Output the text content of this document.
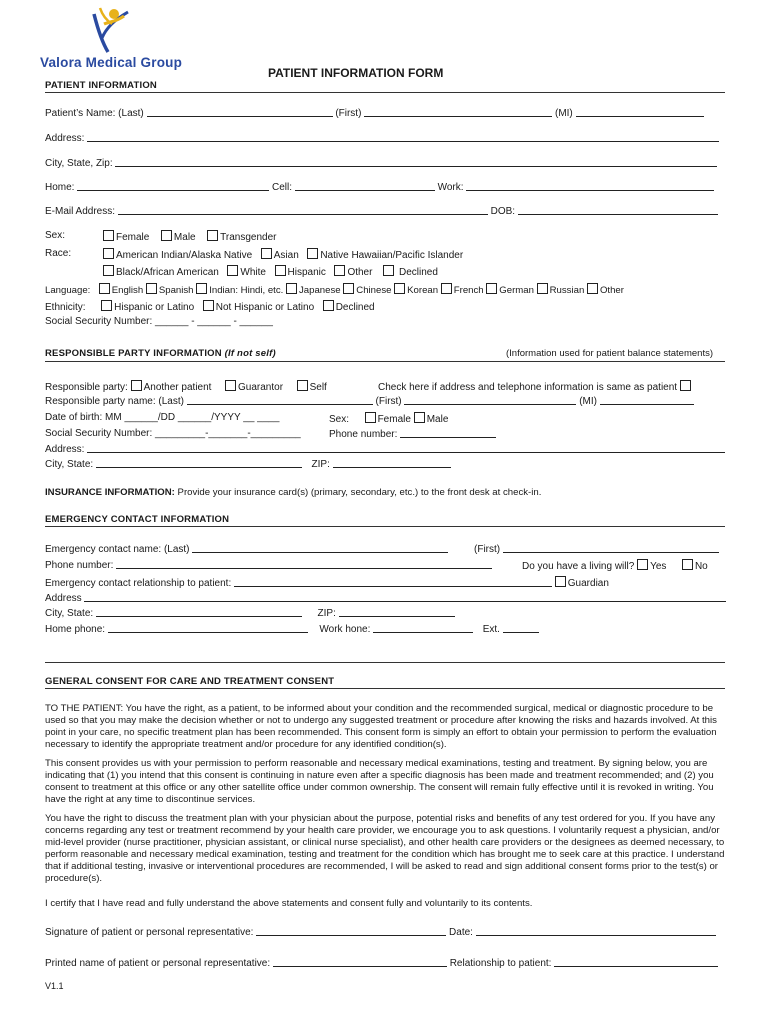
Valora Medical Group
PATIENT INFORMATION FORM
PATIENT INFORMATION
Patient’s Name: (Last)	(First)	(MI)
Address:
City, State, Zip:
Home:	Cell:	Work:
E-Mail Address:	DOB:
Sex:	Female Male Transgender
Race:	American Indian/Alaska Native Asian Native Hawaiian/Pacific Islander
Black/African American White Hispanic Other	Declined
Language: English Spanish Indian: Hindi, etc. Japanese Chinese Korean French German Russian Other
Ethnicity:	Hispanic or Latino Not Hispanic or Latino Declined
Social Security Number: ______ - ______ - ______
RESPONSIBLE PARTY INFORMATION (If not self)	(Information used for patient balance statements)
Responsible party: Another patient	Guarantor	Self	Check here if address and telephone information is same as patient
Responsible party name: (Last)	(First)	(MI)
Date of birth: MM ______/DD ______/YYYY __ ____	Sex:	Female Male
Social Security Number: _________-_______-_________	Phone number:
Address:
City, State:	ZIP:
INSURANCE INFORMATION: Provide your insurance card(s) (primary, secondary, etc.) to the front desk at check-in.
EMERGENCY CONTACT INFORMATION
Emergency contact name: (Last)	(First)
Phone number:	Do you have a living will? Yes	No
Emergency contact relationship to patient:	Guardian
Address
City, State:	ZIP:
Home phone:	Work hone:	Ext.
GENERAL CONSENT FOR CARE AND TREATMENT CONSENT
TO THE PATIENT: You have the right, as a patient, to be informed about your condition and the recommended surgical, medical or diagnostic procedure to be used so that you may make the decision whether or not to undergo any suggested treatment or procedure after knowing the risks and hazards involved. At this point in your care, no specific treatment plan has been recommended. This consent form is simply an effort to obtain your permission to perform the evaluation necessary to identify the appropriate treatment and/or procedure for any identified condition(s).
This consent provides us with your permission to perform reasonable and necessary medical examinations, testing and treatment. By signing below, you are indicating that (1) you intend that this consent is continuing in nature even after a specific diagnosis has been made and treatment recommended; and (2) you consent to treatment at this office or any other satellite office under common ownership. The consent will remain fully effective until it is revoked in writing. You have the right at any time to discontinue services.
You have the right to discuss the treatment plan with your physician about the purpose, potential risks and benefits of any test ordered for you. If you have any concerns regarding any test or treatment recommend by your health care provider, we encourage you to ask questions. I voluntarily request a physician, and/or mid-level provider (nurse practitioner, physician assistant, or clinical nurse specialist), and other health care providers or the designees as deemed necessary, to perform reasonable and necessary medical examination, testing and treatment for the condition which has brought me to seek care at this practice. I understand that if additional testing, invasive or interventional procedures are recommended, I will be asked to read and sign additional consent forms prior to the test(s) or procedure(s).
I certify that I have read and fully understand the above statements and consent fully and voluntarily to its contents.
Signature of patient or personal representative:	Date:
Printed name of patient or personal representative:	Relationship to patient:
V1.1
